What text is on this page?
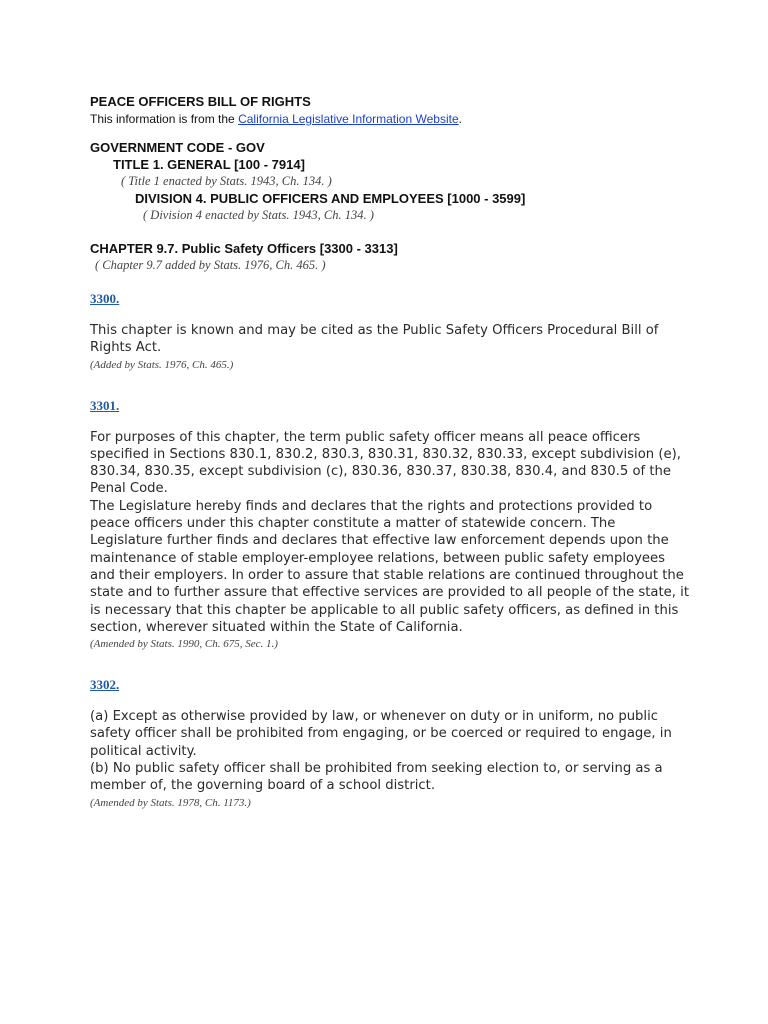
PEACE OFFICERS BILL OF RIGHTS
This information is from the California Legislative Information Website.
GOVERNMENT CODE - GOV
TITLE 1. GENERAL [100 - 7914]
( Title 1 enacted by Stats. 1943, Ch. 134. )
DIVISION 4. PUBLIC OFFICERS AND EMPLOYEES [1000 - 3599]
( Division 4 enacted by Stats. 1943, Ch. 134. )
CHAPTER 9.7. Public Safety Officers [3300 - 3313]
( Chapter 9.7 added by Stats. 1976, Ch. 465. )
3300.

This chapter is known and may be cited as the Public Safety Officers Procedural Bill of Rights Act.

(Added by Stats. 1976, Ch. 465.)
3301.

For purposes of this chapter, the term public safety officer means all peace officers specified in Sections 830.1, 830.2, 830.3, 830.31, 830.32, 830.33, except subdivision (e), 830.34, 830.35, except subdivision (c), 830.36, 830.37, 830.38, 830.4, and 830.5 of the Penal Code.

The Legislature hereby finds and declares that the rights and protections provided to peace officers under this chapter constitute a matter of statewide concern. The Legislature further finds and declares that effective law enforcement depends upon the maintenance of stable employer-employee relations, between public safety employees and their employers. In order to assure that stable relations are continued throughout the state and to further assure that effective services are provided to all people of the state, it is necessary that this chapter be applicable to all public safety officers, as defined in this section, wherever situated within the State of California.

(Amended by Stats. 1990, Ch. 675, Sec. 1.)
3302.

(a) Except as otherwise provided by law, or whenever on duty or in uniform, no public safety officer shall be prohibited from engaging, or be coerced or required to engage, in political activity.

(b) No public safety officer shall be prohibited from seeking election to, or serving as a member of, the governing board of a school district.

(Amended by Stats. 1978, Ch. 1173.)
